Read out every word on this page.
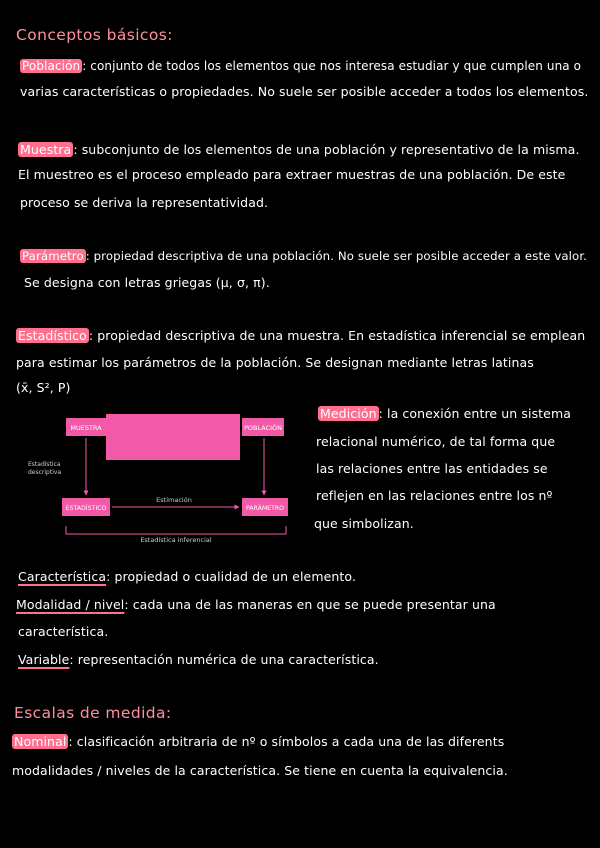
Conceptos básicos:
Población : conjunto de todos los elementos que nos interesa estudiar y que cumplen una o
varias características o propiedades. No suele ser posible acceder a todos los elementos.
Muestra : subconjunto de los elementos de una población y representativo de la misma.
El muestreo es el proceso empleado para extraer muestras de una población. De este
proceso se deriva la representatividad.
Parámetro : propiedad descriptiva de una población. No suele ser posible acceder a este valor.
Se designa con letras griegas (μ, σ, π).
Estadístico : propiedad descriptiva de una muestra. En estadística inferencial se emplean
para estimar los parámetros de la población. Se designan mediante letras latinas
(x̄, S², P)
MUESTRA	POBLACIÓN
ESTADÍSTICO	PARÁMETRO
Estimación
Estadística
descriptiva
Estadística inferencial
Medición : la conexión entre un sistema
relacional numérico, de tal forma que
las relaciones entre las entidades se
reflejen en las relaciones entre los nº
que simbolizan.
Característica: propiedad o cualidad de un elemento.
Modalidad / nivel: cada una de las maneras en que se puede presentar una
característica.
Variable: representación numérica de una característica.
Escalas de medida:
Nominal : clasificación arbitraria de nº o símbolos a cada una de las diferents
modalidades / niveles de la característica. Se tiene en cuenta la equivalencia.
